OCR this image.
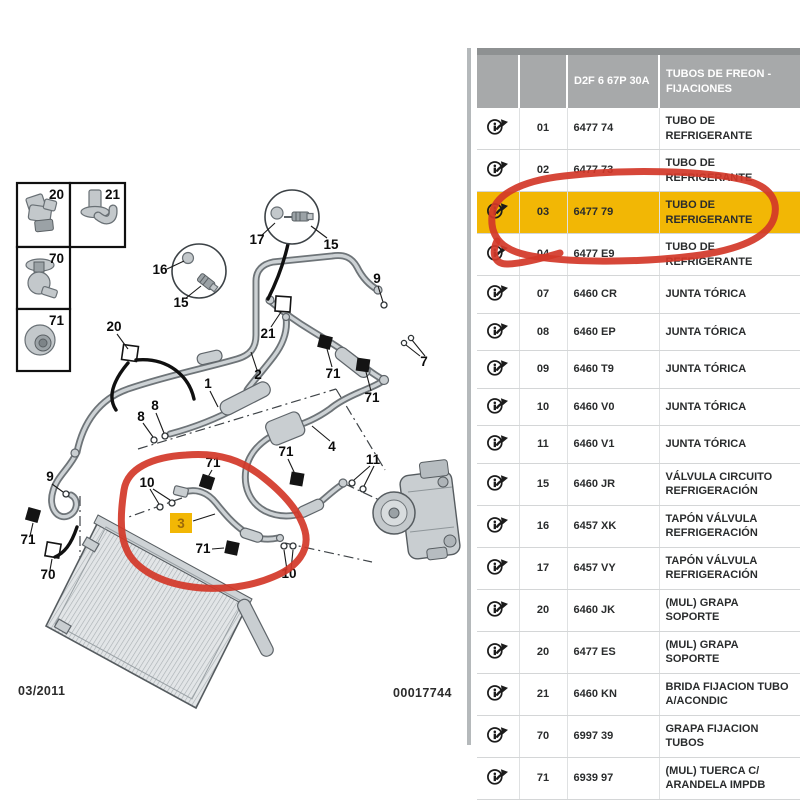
20	21
70
71
17	15
16
15
20	21
9
7
71
71
2
1
8
8
4
71
71
11
10
3
71
10
9
71
70
03/2011	00017744
		D2F 6 67P 30A	TUBOS DE FREON - FIJACIONES
	01	6477 74	TUBO DE REFRIGERANTE
	02	6477 73	TUBO DE REFRIGERANTE
	03	6477 79	TUBO DE REFRIGERANTE
	04	6477 E9	TUBO DE REFRIGERANTE
	07	6460 CR	JUNTA TÓRICA
	08	6460 EP	JUNTA TÓRICA
	09	6460 T9	JUNTA TÓRICA
	10	6460 V0	JUNTA TÓRICA
	11	6460 V1	JUNTA TÓRICA
	15	6460 JR	VÁLVULA CIRCUITO REFRIGERACIÓN
	16	6457 XK	TAPÓN VÁLVULA REFRIGERACIÓN
	17	6457 VY	TAPÓN VÁLVULA REFRIGERACIÓN
	20	6460 JK	(MUL) GRAPA SOPORTE
	20	6477 ES	(MUL) GRAPA SOPORTE
	21	6460 KN	BRIDA FIJACION TUBO A/ACONDIC
	70	6997 39	GRAPA FIJACION TUBOS
	71	6939 97	(MUL) TUERCA C/ ARANDELA IMPDB
